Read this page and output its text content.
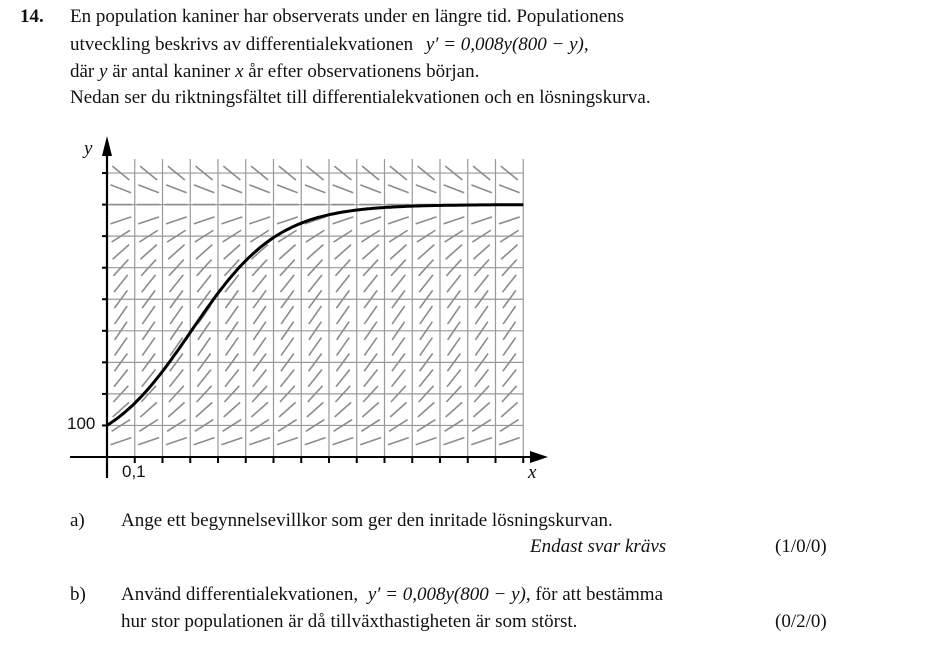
14. En population kaniner har observerats under en längre tid. Populationens
utveckling beskrivs av differentialekvationen y′ = 0,008y(800 − y),
där y är antal kaniner x år efter observationens början.
Nedan ser du riktningsfältet till differentialekvationen och en lösningskurva.
y
x
100
0,1
a) Ange ett begynnelsevillkor som ger den inritade lösningskurvan.
Endast svar krävs	(1/0/0)
b) Använd differentialekvationen, y′ = 0,008y(800 − y), för att bestämma
hur stor populationen är då tillväxthastigheten är som störst.	(0/2/0)
